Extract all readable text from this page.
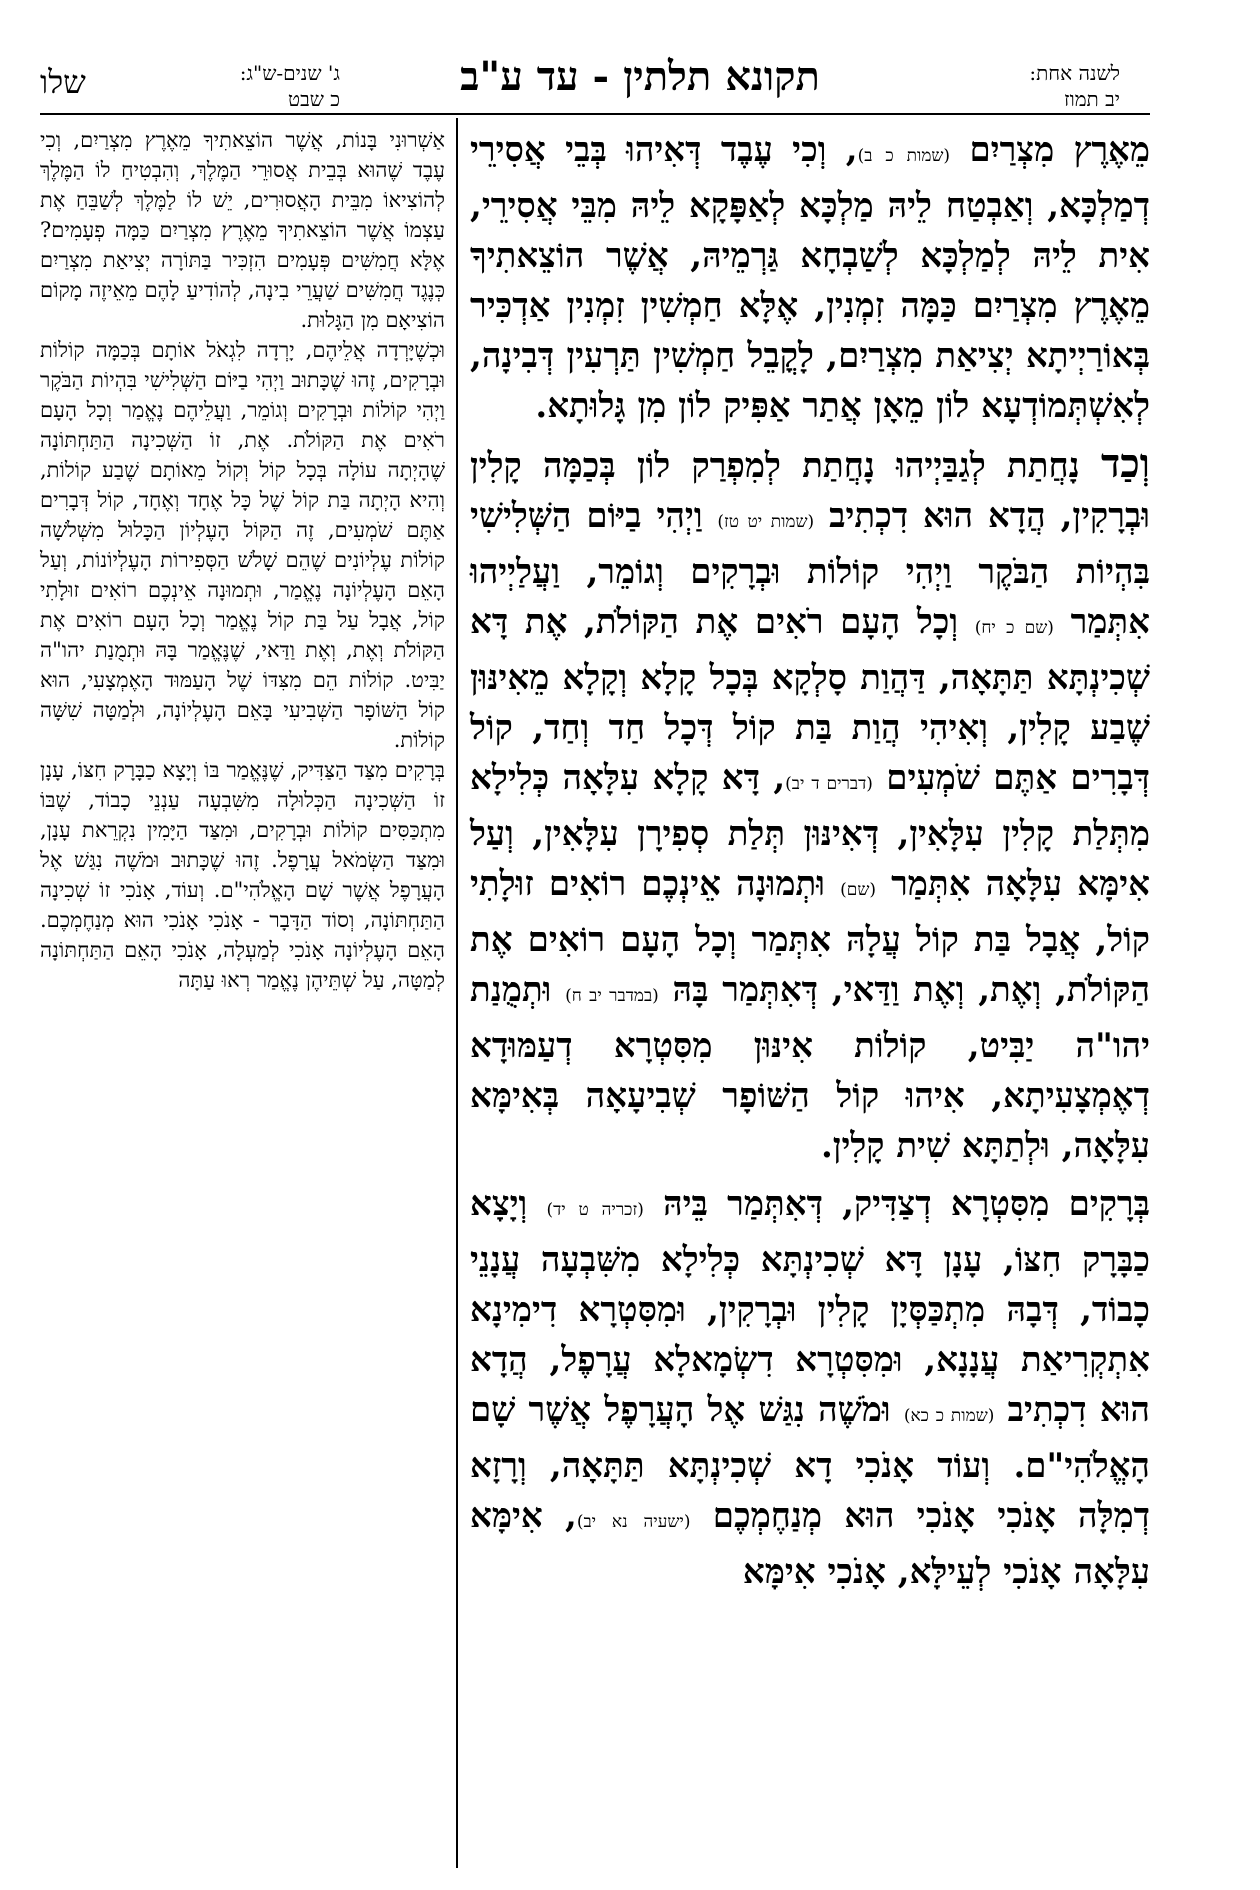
לשנה אחת:
יב תמוז
תקונא תלתין - עד ע"ב
ג' שנים-ש"ג:
כ שבט
שלו

מֵאֶרֶץ מִצְרַיִם (שמות כ ב), וְכִי עֶבֶד דְּאִיהוּ בְּבֵי אֲסִירֵי דְמַלְכָּא, וְאַבְטַח לֵיהּ מַלְכָּא לְאַפָּקָא לֵיהּ מִבֵּי אֲסִירֵי, אִית לֵיהּ לְמַלְכָּא לְשַׁבְחָא גַּרְמֵיהּ, אֲשֶׁר הוֹצֵאתִיךָ מֵאֶרֶץ מִצְרַיִם כַּמָּה זִמְנִין, אֶלָּא חַמְשִׁין זִמְנִין אַדְכִּיר בְּאוֹרַיְיתָא יְצִיאַת מִצְרַיִם, לָקֳבֵל חַמְשִׁין תַּרְעִין דְּבִינָה, לְאִשְׁתְּמוֹדְעָא לוֹן מֵאָן אֲתַר אַפִּיק לוֹן מִן גָּלוּתָא.

וְכַד נָחֲתַת לְגַבַּיְיהוּ נָחֲתַת לְמִפְרַק לוֹן בְּכַמָּה קָלִין וּבְרָקִין, הֲדָא הוּא דִכְתִיב (שמות יט טז) וַיְהִי בַיּוֹם הַשְּׁלִישִׁי בִּהְיוֹת הַבֹּקֶר וַיְהִי קוֹלוֹת וּבְרָקִים וְגוֹמֵר, וַעֲלַיְיהוּ אִתְּמַר (שם כ יח) וְכָל הָעָם רֹאִים אֶת הַקּוֹלֹת, אֶת דָּא שְׁכִינְתָּא תַּתָּאָה, דַּהֲוַת סָלְקָא בְּכָל קָלָא וְקָלָא מֵאִינּוּן שֶׁבַע קָלִין, וְאִיהִי הֲוַת בַּת קוֹל דְּכָל חַד וְחַד, קוֹל דְּבָרִים אַתֶּם שֹׁמְעִים (דברים ד יב), דָּא קָלָא עִלָּאָה כְּלִילָא מִתְּלַת קָלִין עִלָּאִין, דְּאִינּוּן תְּלַת סְפִירָן עִלָּאִין, וְעַל אִימָּא עִלָּאָה אִתְּמַר (שם) וּתְמוּנָה אֵינְכֶם רוֹאִים זוּלָתִי קוֹל, אֲבָל בַּת קוֹל עֲלָהּ אִתְּמַר וְכָל הָעָם רוֹאִים אֶת הַקּוֹלֹת, וְאֶת, וְאֶת וַדַּאי, דְּאִתְּמַר בָּהּ (במדבר יב ח) וּתְמֻנַת יהו"ה יַבִּיט, קוֹלוֹת אִינּוּן מִסִּטְרָא דְעַמּוּדָא דְאֶמְצָעִיתָא, אִיהוּ קוֹל הַשּׁוֹפָר שְׁבִיעָאָה בְּאִימָּא עִלָּאָה, וּלְתַתָּא שִׁית קָלִין.

בְּרָקִים מִסִּטְרָא דְצַדִּיק, דְּאִתְּמַר בֵּיהּ (זכריה ט יד) וְיָצָא כַבָּרָק חִצּוֹ, עָנָן דָּא שְׁכִינְתָּא כְּלִילָא מִשִּׁבְעָה עֲנָנֵי כָבוֹד, דְּבָהּ מִתְכַּסְּיָן קָלִין וּבְרָקִין, וּמִסִּטְרָא דִימִינָא אִתְקְרִיאַת עֲנָנָא, וּמִסִּטְרָא דִשְׂמָאלָא עֲרָפֶל, הֲדָא הוּא דִכְתִיב (שמות כ כא) וּמֹשֶׁה נִגַּשׁ אֶל הָעֲרָפֶל אֲשֶׁר שָׁם הָאֱלֹהִי"ם. וְעוֹד אָנֹכִי דָא שְׁכִינְתָּא תַּתָּאָה, וְרָזָא דְמִלָּה אָנֹכִי אָנֹכִי הוּא מְנַחֶמְכֶם (ישעיה נא יב), אִימָּא עִלָּאָה אָנֹכִי לְעֵילָּא, אָנֹכִי אִימָּא

אַשְׁרוּנִי בָּנוֹת, אֲשֶׁר הוֹצֵאתִיךָ מֵאֶרֶץ מִצְרַיִם, וְכִי עֶבֶד שֶׁהוּא בְּבֵית אֲסוּרֵי הַמֶּלֶךְ, וְהִבְטִיחַ לוֹ הַמֶּלֶךְ לְהוֹצִיאוֹ מִבֵּית הָאֲסוּרִים, יֵשׁ לוֹ לַמֶּלֶךְ לְשַׁבֵּחַ אֶת עַצְמוֹ אֲשֶׁר הוֹצֵאתִיךָ מֵאֶרֶץ מִצְרַיִם כַּמָּה פְעָמִים? אֶלָּא חֲמִשִּׁים פְּעָמִים הִזְכִּיר בַּתּוֹרָה יְצִיאַת מִצְרַיִם כְּנֶגֶד חֲמִשִּׁים שַׁעֲרֵי בִינָה, לְהוֹדִיעַ לָהֶם מֵאֵיזֶה מָקוֹם הוֹצִיאָם מִן הַגָּלוּת.

וּכְשֶׁיָּרְדָה אֲלֵיהֶם, יָרְדָה לִגְאֹל אוֹתָם בְּכַמָּה קוֹלוֹת וּבְרָקִים, זֶהוּ שֶׁכָּתוּב וַיְהִי בַיּוֹם הַשְּׁלִישִׁי בִּהְיוֹת הַבֹּקֶר וַיְהִי קוֹלוֹת וּבְרָקִים וְגוֹמֵר, וַעֲלֵיהֶם נֶאֱמַר וְכָל הָעָם רֹאִים אֶת הַקּוֹלֹת. אֶת, זוֹ הַשְּׁכִינָה הַתַּחְתּוֹנָה שֶׁהָיְתָה עוֹלָה בְּכָל קוֹל וְקוֹל מֵאוֹתָם שֶׁבַע קוֹלוֹת, וְהִיא הָיְתָה בַּת קוֹל שֶׁל כָּל אֶחָד וְאֶחָד, קוֹל דְּבָרִים אַתֶּם שֹׁמְעִים, זֶה הַקּוֹל הָעֶלְיוֹן הַכָּלוּל מִשְּׁלֹשָׁה קוֹלוֹת עֶלְיוֹנִים שֶׁהֵם שָׁלֹשׁ הַסְּפִירוֹת הָעֶלְיוֹנוֹת, וְעַל הָאֵם הָעֶלְיוֹנָה נֶאֱמַר, וּתְמוּנָה אֵינְכֶם רוֹאִים זוּלָתִי קוֹל, אֲבָל עַל בַּת קוֹל נֶאֱמַר וְכָל הָעָם רוֹאִים אֶת הַקּוֹלֹת וְאֶת, וְאֶת וַדַּאי, שֶׁנֶּאֱמַר בָּהּ וּתְמֻנַת יהו"ה יַבִּיט. קוֹלוֹת הֵם מִצִּדּוֹ שֶׁל הָעַמּוּד הָאֶמְצָעִי, הוּא קוֹל הַשּׁוֹפָר הַשְּׁבִיעִי בָּאֵם הָעֶלְיוֹנָה, וּלְמַטָּה שִׁשָּׁה קוֹלוֹת.

בְּרָקִים מִצַּד הַצַּדִּיק, שֶׁנֶּאֱמַר בּוֹ וְיָצָא כַבָּרָק חִצּוֹ, עָנָן זוֹ הַשְּׁכִינָה הַכְּלוּלָה מִשִּׁבְעָה עַנְנֵי כָבוֹד, שֶׁבּוֹ מִתְכַּסִּים קוֹלוֹת וּבְרָקִים, וּמִצַּד הַיָּמִין נִקְרֵאת עָנָן, וּמִצַּד הַשְּׂמֹאל עֲרָפֶל. זֶהוּ שֶׁכָּתוּב וּמֹשֶׁה נִגַּשׁ אֶל הָעֲרָפֶל אֲשֶׁר שָׁם הָאֱלֹהִי"ם. וְעוֹד, אָנֹכִי זוֹ שְׁכִינָה הַתַּחְתּוֹנָה, וְסוֹד הַדָּבָר - אָנֹכִי אָנֹכִי הוּא מְנַחֶמְכֶם. הָאֵם הָעֶלְיוֹנָה אָנֹכִי לְמַעְלָה, אָנֹכִי הָאֵם הַתַּחְתּוֹנָה לְמַטָּה, עַל שְׁתֵּיהֶן נֶאֱמַר רְאוּ עַתָּה
